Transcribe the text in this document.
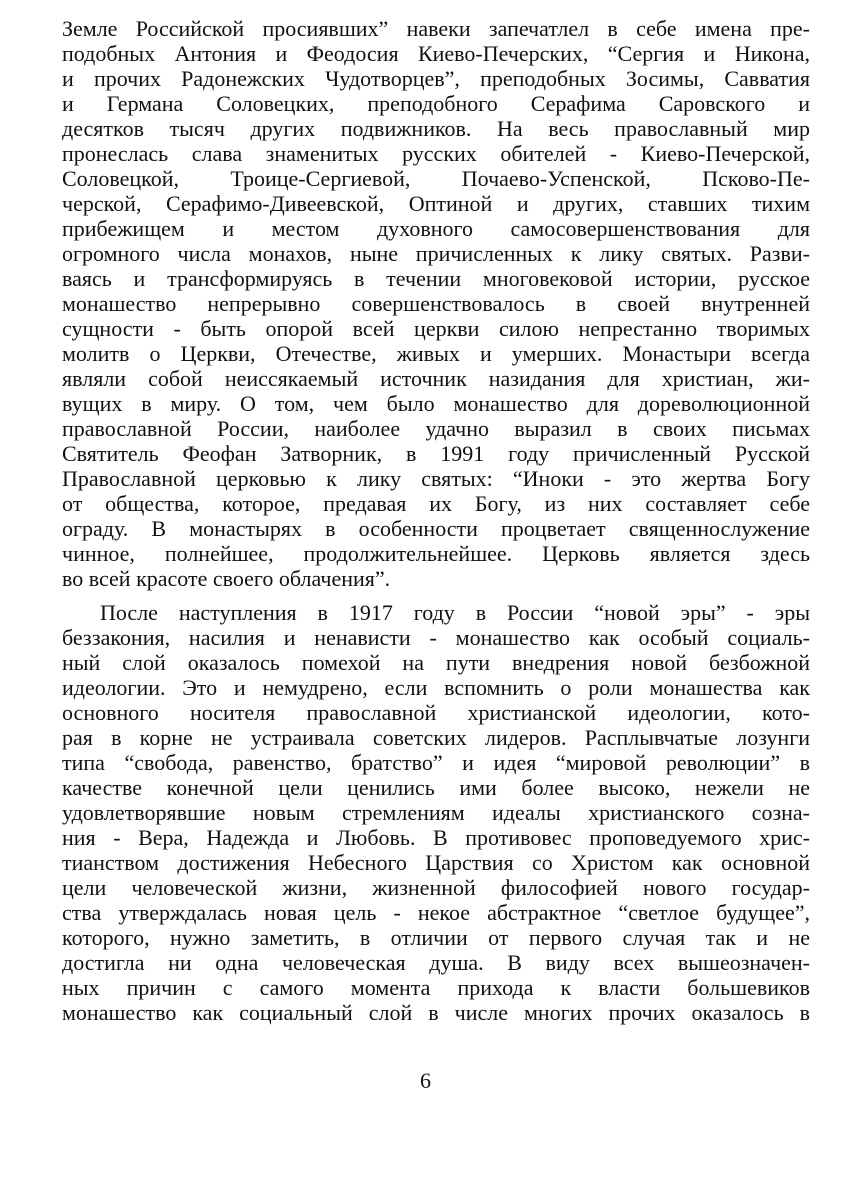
Земле Российской просиявших” навеки запечатлел в себе имена пре-
подобных Антония и Феодосия Киево-Печерских, “Сергия и Никона,
и прочих Радонежских Чудотворцев”, преподобных Зосимы, Савватия
и Германа Соловецких, преподобного Серафима Саровского и
десятков тысяч других подвижников. На весь православный мир
пронеслась слава знаменитых русских обителей - Киево-Печерской,
Соловецкой, Троице-Сергиевой, Почаево-Успенской, Псково-Пе-
черской, Серафимо-Дивеевской, Оптиной и других, ставших тихим
прибежищем и местом духовного самосовершенствования для
огромного числа монахов, ныне причисленных к лику святых. Разви-
ваясь и трансформируясь в течении многовековой истории, русское
монашество непрерывно совершенствовалось в своей внутренней
сущности - быть опорой всей церкви силою непрестанно творимых
молитв о Церкви, Отечестве, живых и умерших. Монастыри всегда
являли собой неиссякаемый источник назидания для христиан, жи-
вущих в миру. О том, чем было монашество для дореволюционной
православной России, наиболее удачно выразил в своих письмах
Святитель Феофан Затворник, в 1991 году причисленный Русской
Православной церковью к лику святых: “Иноки - это жертва Богу
от общества, которое, предавая их Богу, из них составляет себе
ограду. В монастырях в особенности процветает священнослужение
чинное, полнейшее, продолжительнейшее. Церковь является здесь
во всей красоте своего облачения”.
После наступления в 1917 году в России “новой эры” - эры
беззакония, насилия и ненависти - монашество как особый социаль-
ный слой оказалось помехой на пути внедрения новой безбожной
идеологии. Это и немудрено, если вспомнить о роли монашества как
основного носителя православной христианской идеологии, кото-
рая в корне не устраивала советских лидеров. Расплывчатые лозунги
типа “свобода, равенство, братство” и идея “мировой революции” в
качестве конечной цели ценились ими более высоко, нежели не
удовлетворявшие новым стремлениям идеалы христианского созна-
ния - Вера, Надежда и Любовь. В противовес проповедуемого хрис-
тианством достижения Небесного Царствия со Христом как основной
цели человеческой жизни, жизненной философией нового государ-
ства утверждалась новая цель - некое абстрактное “светлое будущее”,
которого, нужно заметить, в отличии от первого случая так и не
достигла ни одна человеческая душа. В виду всех вышеозначен-
ных причин с самого момента прихода к власти большевиков
монашество как социальный слой в числе многих прочих оказалось в
6
